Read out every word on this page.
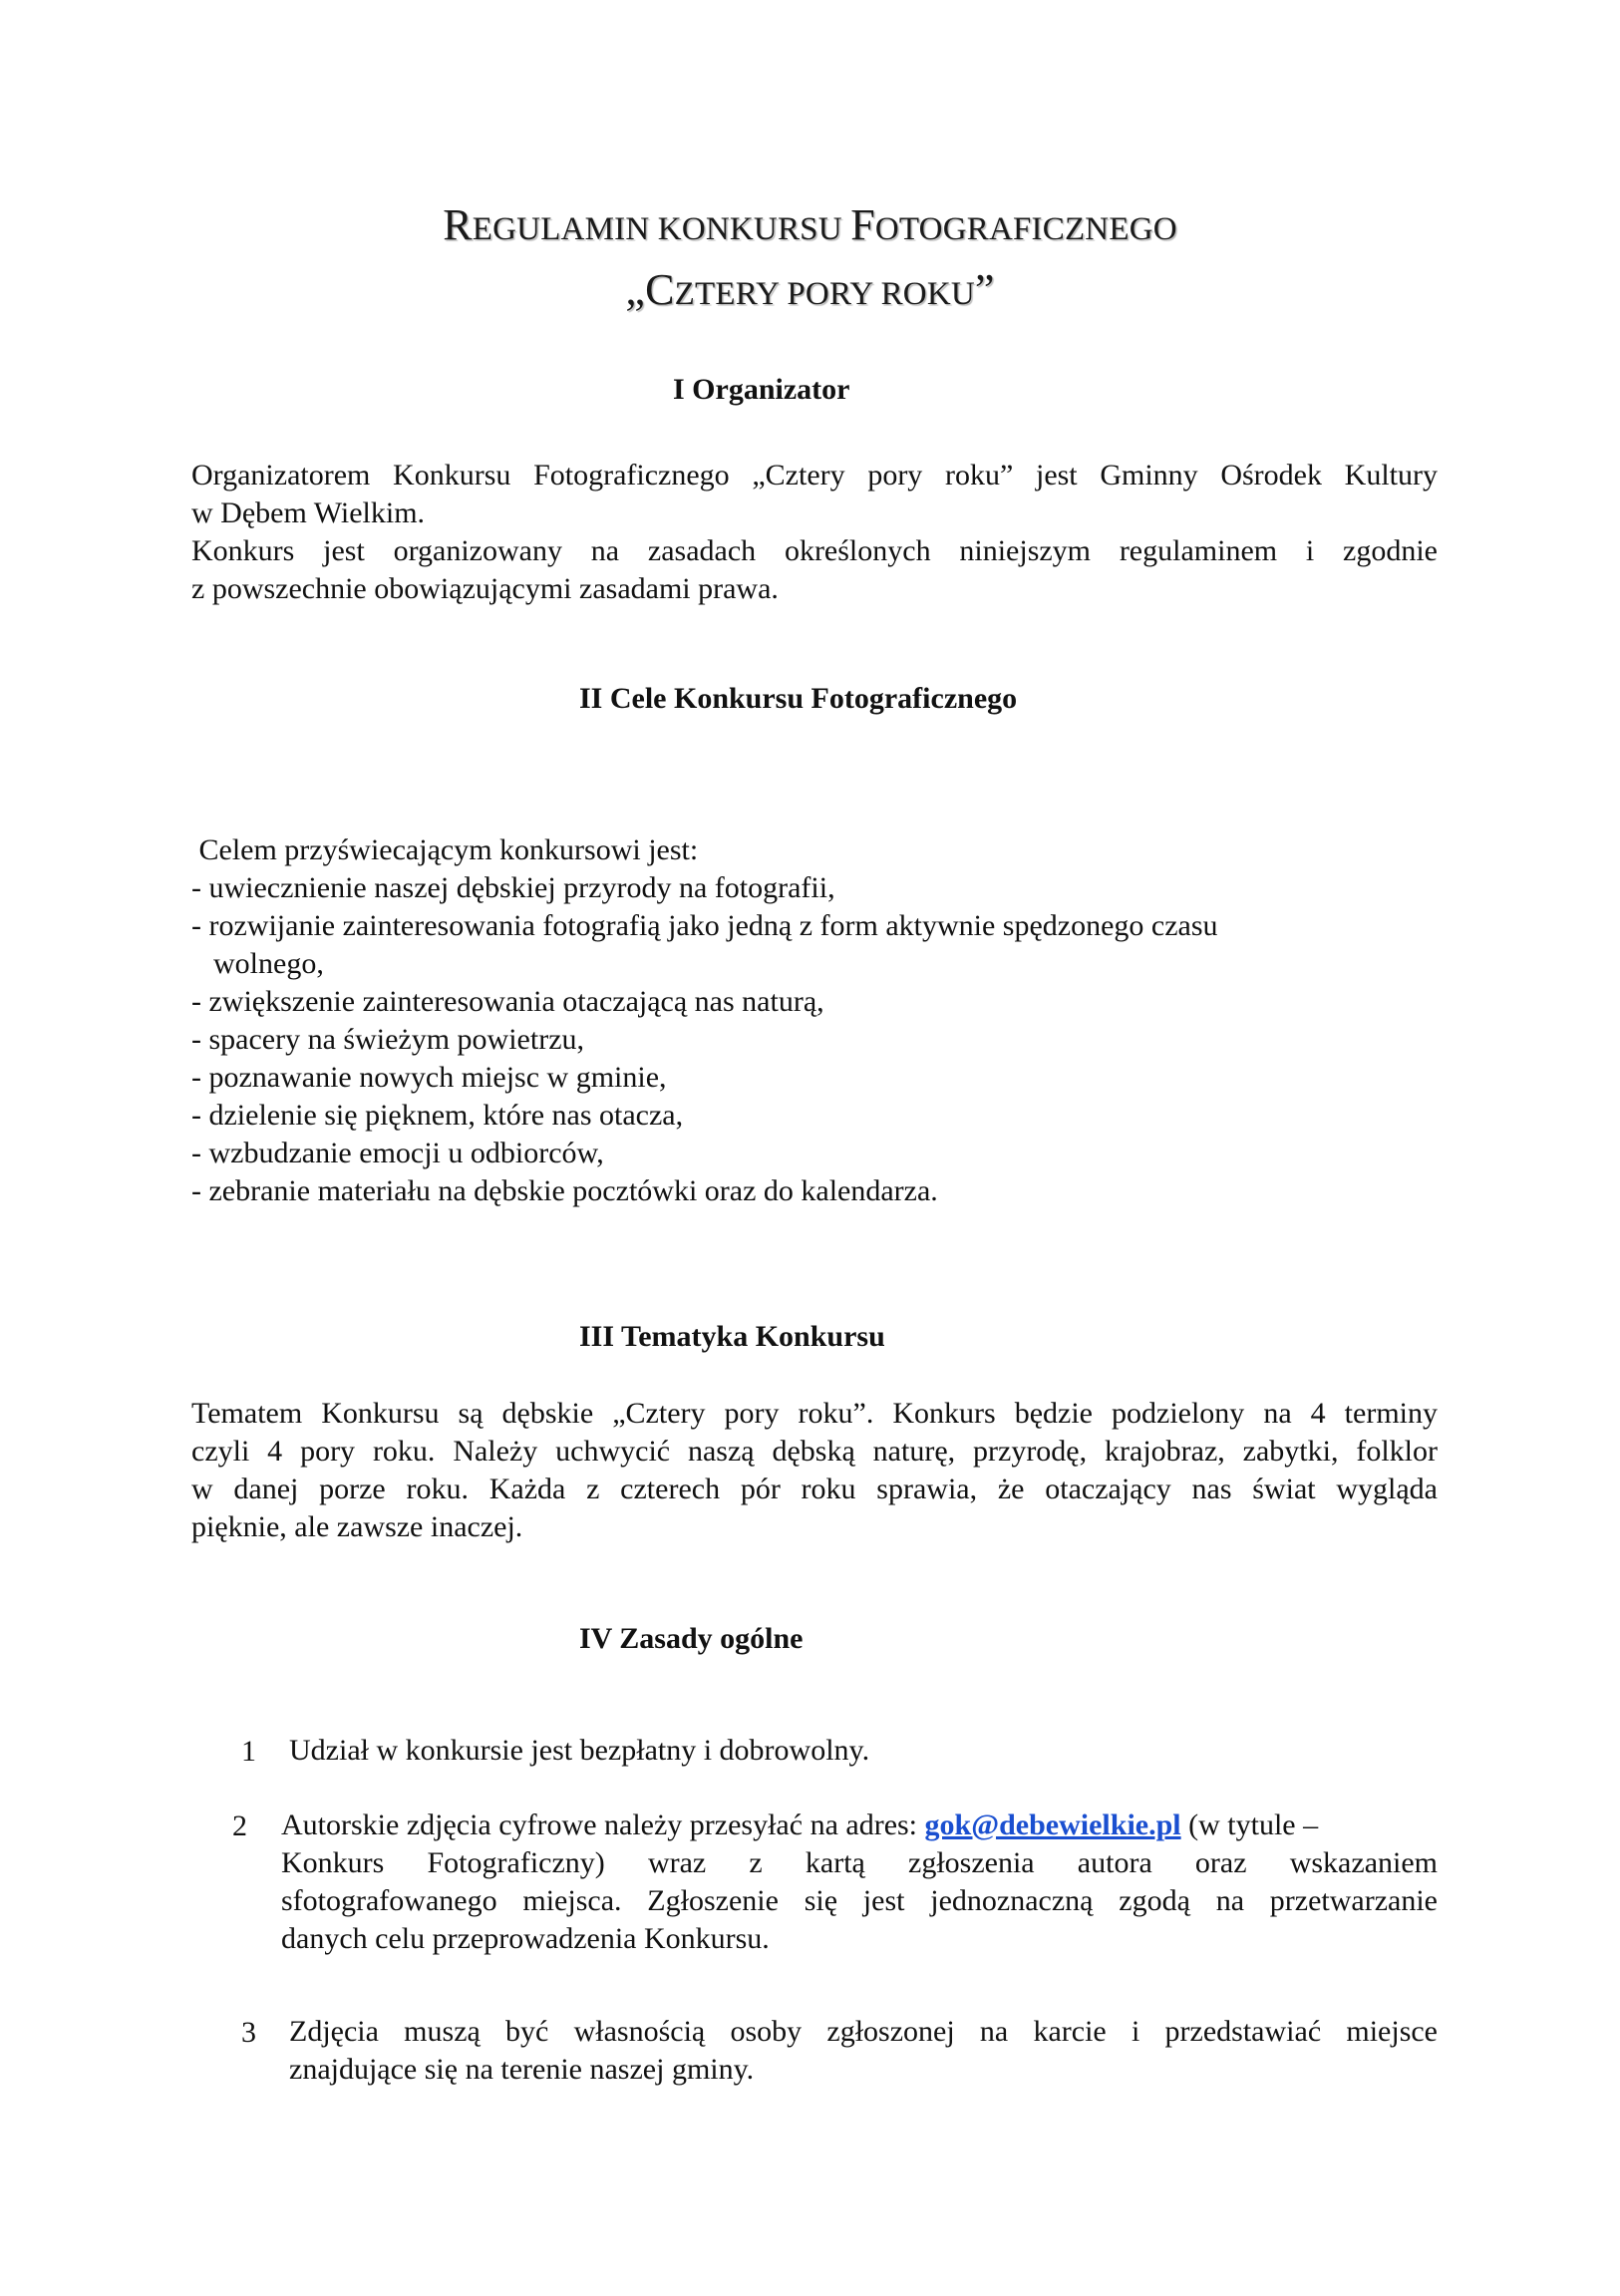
REGULAMIN KONKURSU FOTOGRAFICZNEGO
„CZTERY PORY ROKU”
I Organizator
Organizatorem Konkursu Fotograficznego „Cztery pory roku” jest Gminny Ośrodek Kultury
w Dębem Wielkim.
Konkurs jest organizowany na zasadach określonych niniejszym regulaminem i zgodnie
z powszechnie obowiązującymi zasadami prawa.
II Cele Konkursu Fotograficznego
Celem przyświecającym konkursowi jest:
- uwiecznienie naszej dębskiej przyrody na fotografii,
- rozwijanie zainteresowania fotografią jako jedną z form aktywnie spędzonego czasu
wolnego,
- zwiększenie zainteresowania otaczającą nas naturą,
- spacery na świeżym powietrzu,
- poznawanie nowych miejsc w gminie,
- dzielenie się pięknem, które nas otacza,
- wzbudzanie emocji u odbiorców,
- zebranie materiału na dębskie pocztówki oraz do kalendarza.
III Tematyka Konkursu
Tematem Konkursu są dębskie „Cztery pory roku”. Konkurs będzie podzielony na 4 terminy
czyli 4 pory roku. Należy uchwycić naszą dębską naturę, przyrodę, krajobraz, zabytki, folklor
w danej porze roku. Każda z czterech pór roku sprawia, że otaczający nas świat wygląda
pięknie, ale zawsze inaczej.
IV Zasady ogólne
1 Udział w konkursie jest bezpłatny i dobrowolny.
2 Autorskie zdjęcia cyfrowe należy przesyłać na adres: gok@debewielkie.pl (w tytule –
Konkurs Fotograficzny) wraz z kartą zgłoszenia autora oraz wskazaniem
sfotografowanego miejsca. Zgłoszenie się jest jednoznaczną zgodą na przetwarzanie
danych celu przeprowadzenia Konkursu.
3 Zdjęcia muszą być własnością osoby zgłoszonej na karcie i przedstawiać miejsce
znajdujące się na terenie naszej gminy.
